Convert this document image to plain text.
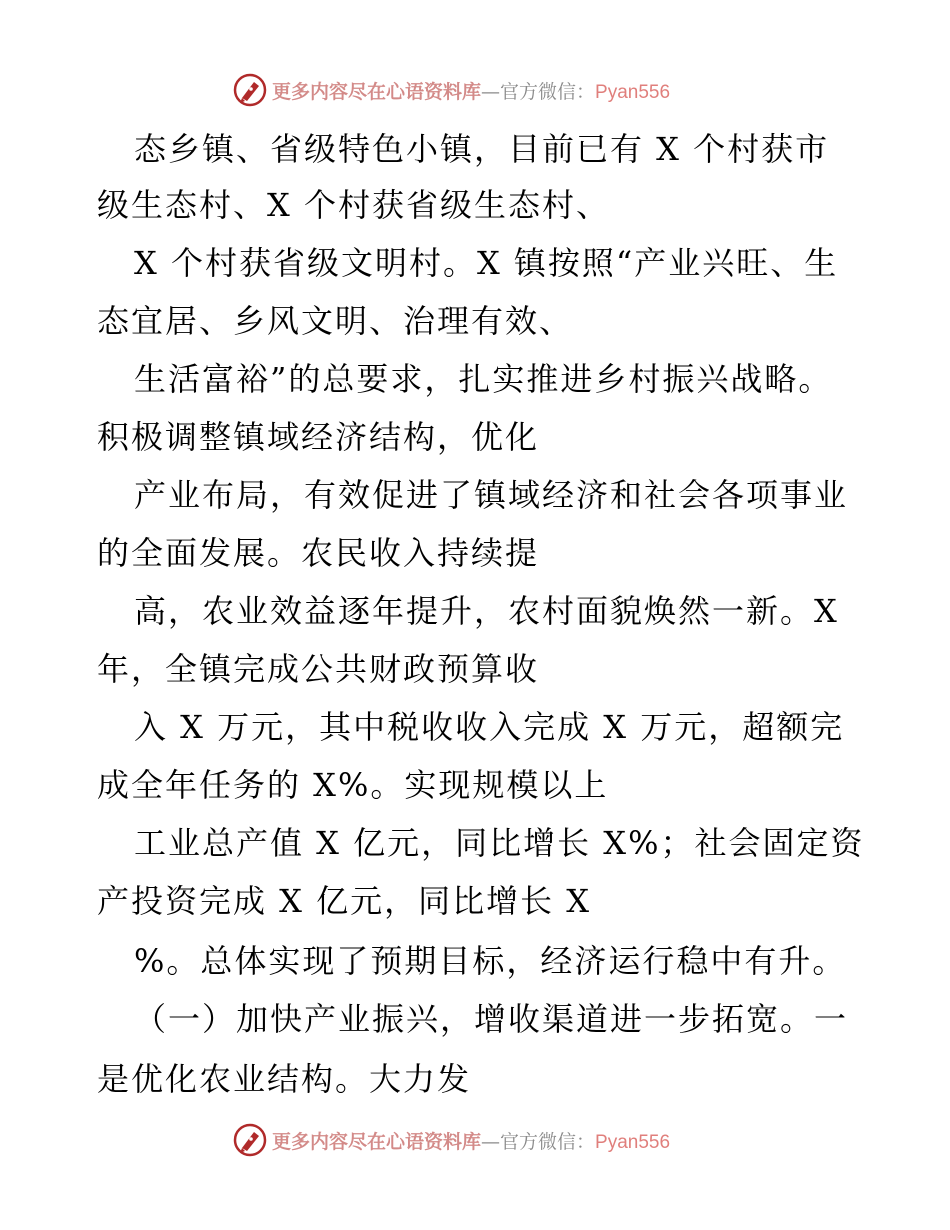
更多内容尽在心语资料库—官方微信：Pyan556
态乡镇、省级特色小镇，目前已有 X 个村获市
级生态村、X 个村获省级生态村、
X 个村获省级文明村。X 镇按照“产业兴旺、生
态宜居、乡风文明、治理有效、
生活富裕”的总要求，扎实推进乡村振兴战略。
积极调整镇域经济结构，优化
产业布局，有效促进了镇域经济和社会各项事业
的全面发展。农民收入持续提
高，农业效益逐年提升，农村面貌焕然一新。X
年，全镇完成公共财政预算收
入 X 万元，其中税收收入完成 X 万元，超额完
成全年任务的 X%。实现规模以上
工业总产值 X 亿元，同比增长 X%；社会固定资
产投资完成 X 亿元，同比增长 X
%。总体实现了预期目标，经济运行稳中有升。
（一）加快产业振兴，增收渠道进一步拓宽。一
是优化农业结构。大力发
更多内容尽在心语资料库—官方微信：Pyan556
